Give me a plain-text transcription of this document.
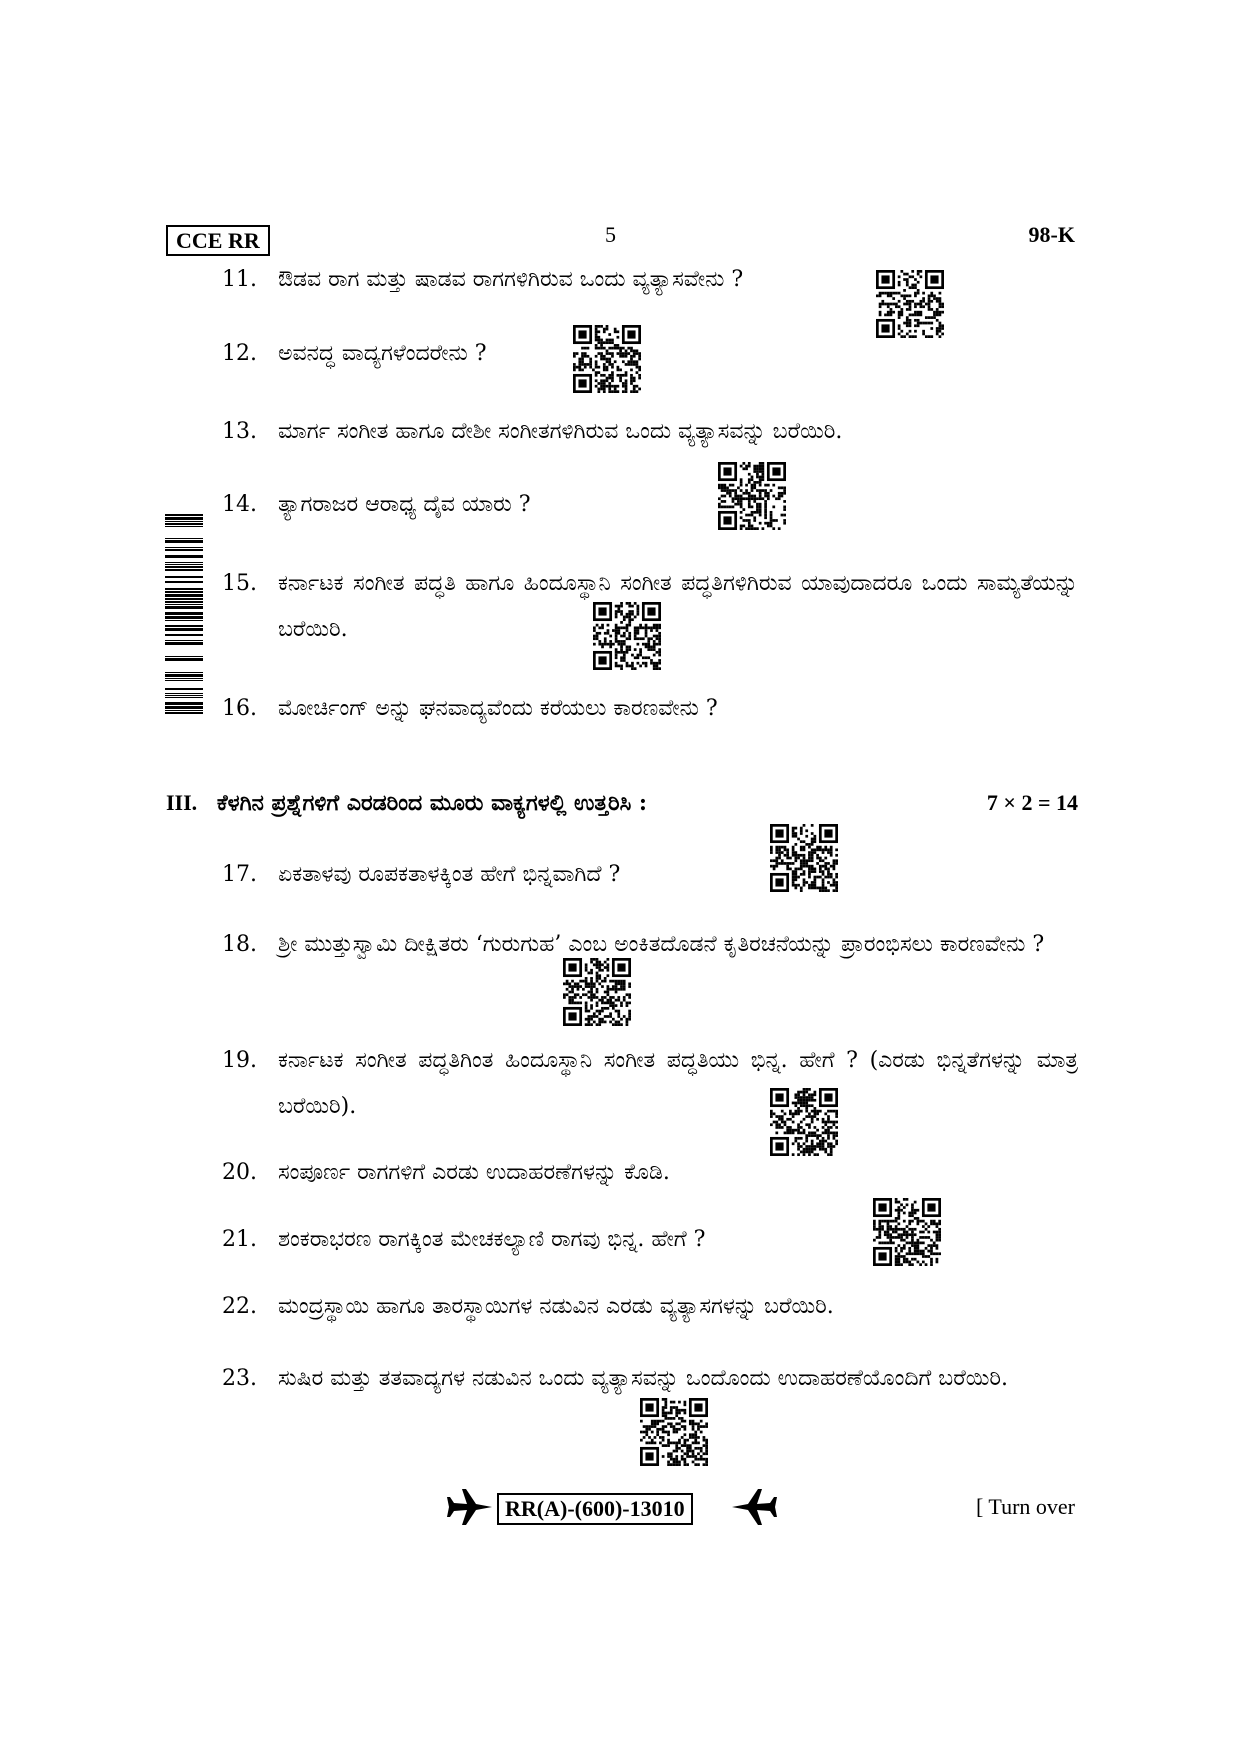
CCE RR	5	98-K
11. ಔಡವ ರಾಗ ಮತ್ತು ಷಾಡವ ರಾಗಗಳಿಗಿರುವ ಒಂದು ವ್ಯತ್ಯಾಸವೇನು ?
12. ಅವನದ್ಧ ವಾದ್ಯಗಳೆಂದರೇನು ?
13. ಮಾರ್ಗ ಸಂಗೀತ ಹಾಗೂ ದೇಶೀ ಸಂಗೀತಗಳಿಗಿರುವ ಒಂದು ವ್ಯತ್ಯಾಸವನ್ನು ಬರೆಯಿರಿ.
14. ತ್ಯಾಗರಾಜರ ಆರಾಧ್ಯ ದೈವ ಯಾರು ?
15. ಕರ್ನಾಟಕ ಸಂಗೀತ ಪದ್ಧತಿ ಹಾಗೂ ಹಿಂದೂಸ್ಥಾನಿ ಸಂಗೀತ ಪದ್ಧತಿಗಳಿಗಿರುವ ಯಾವುದಾದರೂ ಒಂದು ಸಾಮ್ಯತೆಯನ್ನು ಬರೆಯಿರಿ.
16. ಮೋರ್ಚಿಂಗ್ ಅನ್ನು ಘನವಾದ್ಯವೆಂದು ಕರೆಯಲು ಕಾರಣವೇನು ?
III. ಕೆಳಗಿನ ಪ್ರಶ್ನೆಗಳಿಗೆ ಎರಡರಿಂದ ಮೂರು ವಾಕ್ಯಗಳಲ್ಲಿ ಉತ್ತರಿಸಿ :	7 × 2 = 14
17. ಏಕತಾಳವು ರೂಪಕತಾಳಕ್ಕಿಂತ ಹೇಗೆ ಭಿನ್ನವಾಗಿದೆ ?
18. ಶ್ರೀ ಮುತ್ತುಸ್ವಾಮಿ ದೀಕ್ಷಿತರು ‘ಗುರುಗುಹ’ ಎಂಬ ಅಂಕಿತದೊಡನೆ ಕೃತಿರಚನೆಯನ್ನು ಪ್ರಾರಂಭಿಸಲು ಕಾರಣವೇನು ?
19. ಕರ್ನಾಟಕ ಸಂಗೀತ ಪದ್ಧತಿಗಿಂತ ಹಿಂದೂಸ್ಥಾನಿ ಸಂಗೀತ ಪದ್ಧತಿಯು ಭಿನ್ನ. ಹೇಗೆ ? (ಎರಡು ಭಿನ್ನತೆಗಳನ್ನು ಮಾತ್ರ ಬರೆಯಿರಿ).
20. ಸಂಪೂರ್ಣ ರಾಗಗಳಿಗೆ ಎರಡು ಉದಾಹರಣೆಗಳನ್ನು ಕೊಡಿ.
21. ಶಂಕರಾಭರಣ ರಾಗಕ್ಕಿಂತ ಮೇಚಕಲ್ಯಾಣಿ ರಾಗವು ಭಿನ್ನ. ಹೇಗೆ ?
22. ಮಂದ್ರಸ್ಥಾಯಿ ಹಾಗೂ ತಾರಸ್ಥಾಯಿಗಳ ನಡುವಿನ ಎರಡು ವ್ಯತ್ಯಾಸಗಳನ್ನು ಬರೆಯಿರಿ.
23. ಸುಷಿರ ಮತ್ತು ತತವಾದ್ಯಗಳ ನಡುವಿನ ಒಂದು ವ್ಯತ್ಯಾಸವನ್ನು ಒಂದೊಂದು ಉದಾಹರಣೆಯೊಂದಿಗೆ ಬರೆಯಿರಿ.
RR(A)-(600)-13010	[ Turn over
